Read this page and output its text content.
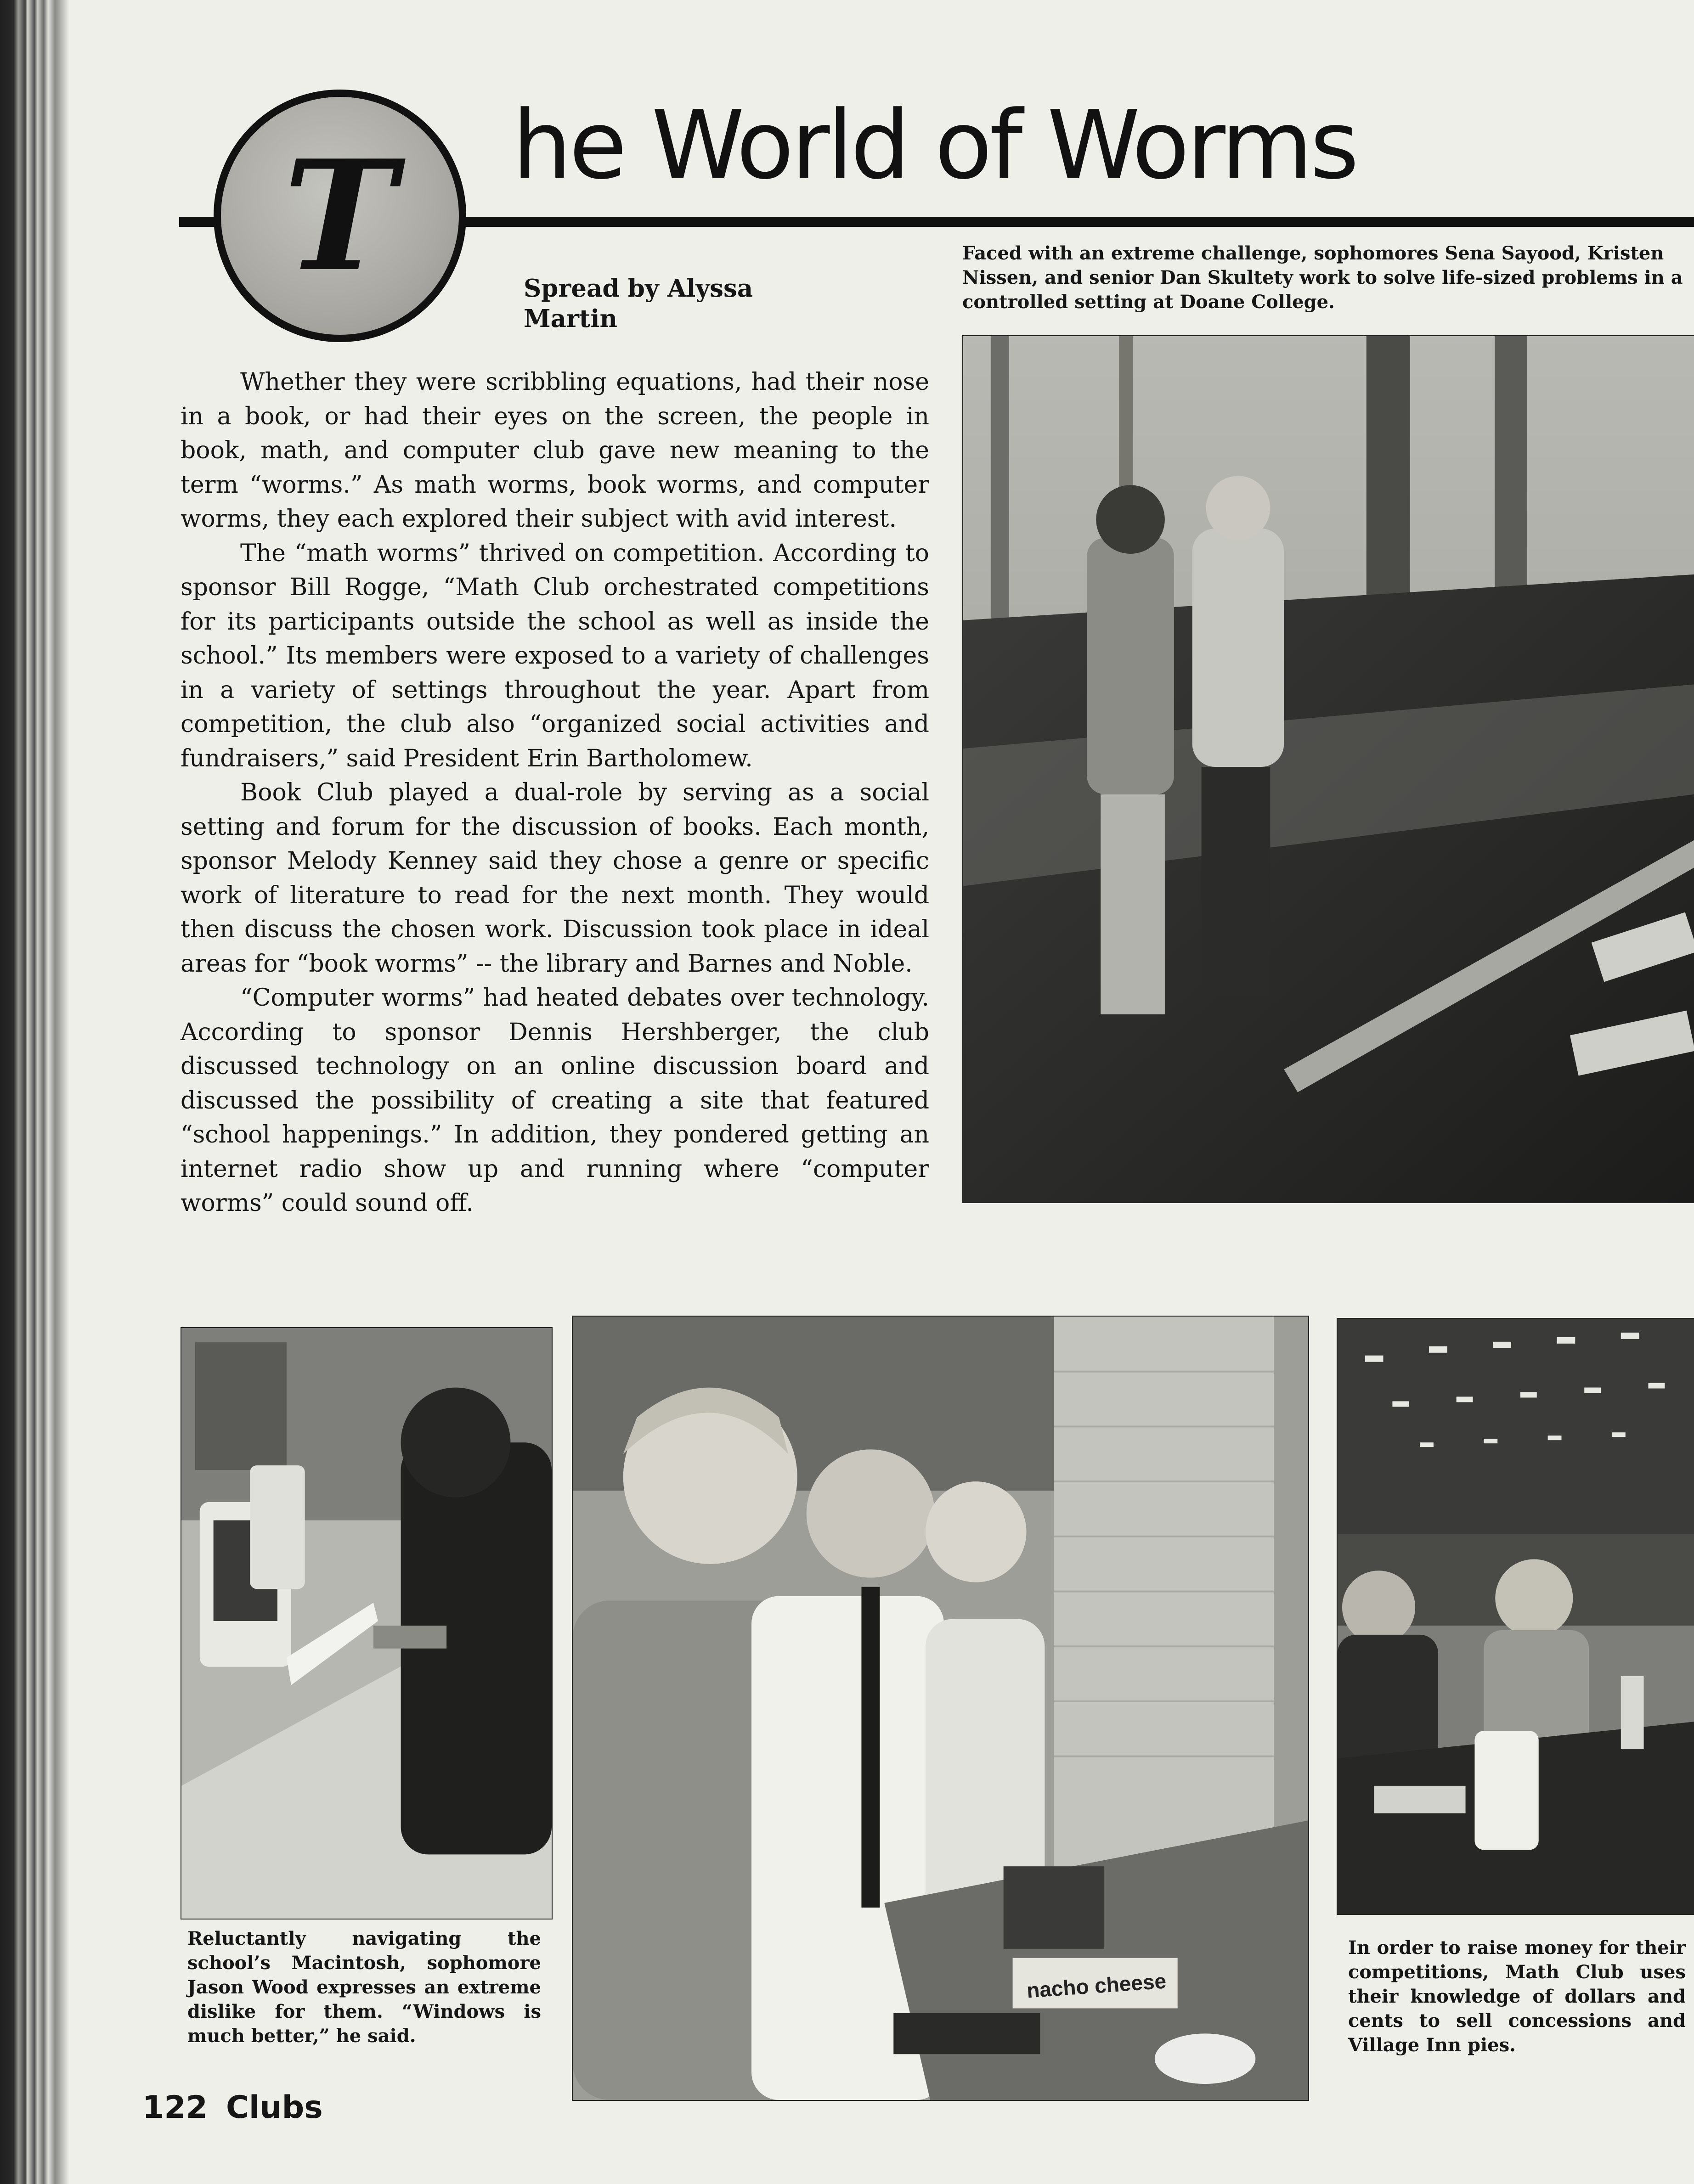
T	he World of Worms
Spread by Alyssa Martin

Whether they were scribbling equations, had their nose in a book, or had their eyes on the screen, the people in book, math, and computer club gave new meaning to the term “worms.” As math worms, book worms, and computer worms, they each explored their subject with avid interest.

The “math worms” thrived on competition. According to sponsor Bill Rogge, “Math Club orchestrated competitions for its participants outside the school as well as inside the school.” Its members were exposed to a variety of challenges in a variety of settings throughout the year. Apart from competition, the club also “organized social activities and fundraisers,” said President Erin Bartholomew.

Book Club played a dual-role by serving as a social setting and forum for the discussion of books. Each month, sponsor Melody Kenney said they chose a genre or specific work of literature to read for the next month. They would then discuss the chosen work. Discussion took place in ideal areas for “book worms” -- the library and Barnes and Noble.

“Computer worms” had heated debates over technology. According to sponsor Dennis Hershberger, the club discussed technology on an online discussion board and discussed the possibility of creating a site that featured “school happenings.” In addition, they pondered getting an internet radio show up and running where “computer worms” could sound off.

Faced with an extreme challenge, sophomores Sena Sayood, Kristen Nissen, and senior Dan Skultety work to solve life-sized problems in a controlled setting at Doane College.
Reluctantly navigating the school’s Macintosh, sophomore Jason Wood expresses an extreme dislike for them. “Windows is much better,” he said.
nacho cheese
In order to raise money for their competitions, Math Club uses their knowledge of dollars and cents to sell concessions and Village Inn pies.
122 Clubs
